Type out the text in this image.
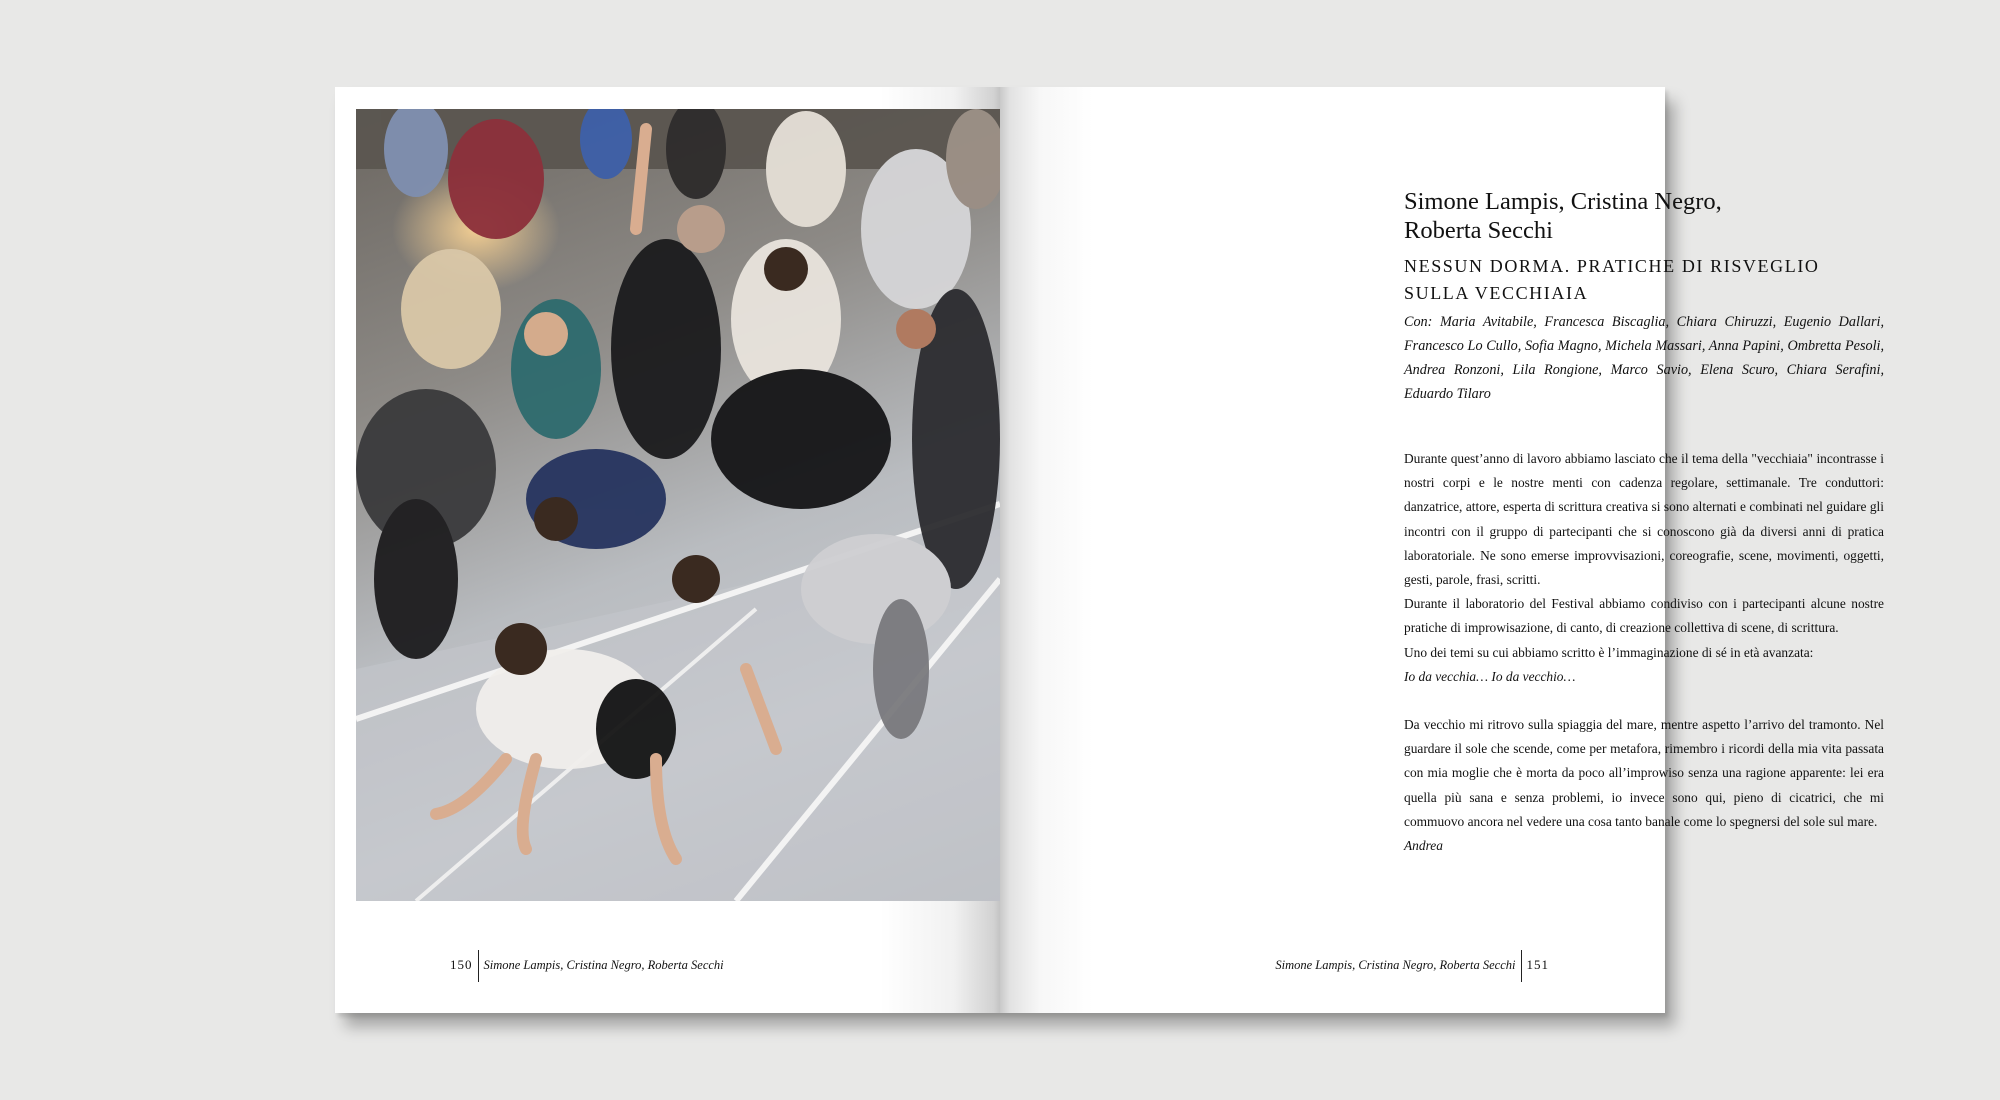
150 Simone Lampis, Cristina Negro, Roberta Secchi
Simone Lampis, Cristina Negro,
Roberta Secchi
NESSUN DORMA. PRATICHE DI RISVEGLIO
SULLA VECCHIAIA
Con: Maria Avitabile, Francesca Biscaglia, Chiara Chiruzzi, Eugenio Dallari, Francesco Lo Cullo, Sofia Magno, Michela Massari, Anna Papini, Ombretta Pesoli, Andrea Ronzoni, Lila Rongione, Marco Savio, Elena Scuro, Chiara Serafini, Eduardo Tilaro

Durante quest’anno di lavoro abbiamo lasciato che il tema della "vecchiaia" incontrasse i nostri corpi e le nostre menti con cadenza regolare, settimanale. Tre conduttori: danzatrice, attore, esperta di scrittura creativa si sono alternati e combinati nel guidare gli incontri con il gruppo di partecipanti che si conoscono già da diversi anni di pratica laboratoriale. Ne sono emerse improvvisazioni, coreografie, scene, movimenti, oggetti, gesti, parole, frasi, scritti.

Durante il laboratorio del Festival abbiamo condiviso con i partecipanti alcune nostre pratiche di improwisazione, di canto, di creazione collettiva di scene, di scrittura.

Uno dei temi su cui abbiamo scritto è l’immaginazione di sé in età avanzata:

Io da vecchia… Io da vecchio…

Da vecchio mi ritrovo sulla spiaggia del mare, mentre aspetto l’arrivo del tramonto. Nel guardare il sole che scende, come per metafora, rimembro i ricordi della mia vita passata con mia moglie che è morta da poco all’improwiso senza una ragione apparente: lei era quella più sana e senza problemi, io invece sono qui, pieno di cicatrici, che mi commuovo ancora nel vedere una cosa tanto banale come lo spegnersi del sole sul mare.

Andrea

Simone Lampis, Cristina Negro, Roberta Secchi 151
